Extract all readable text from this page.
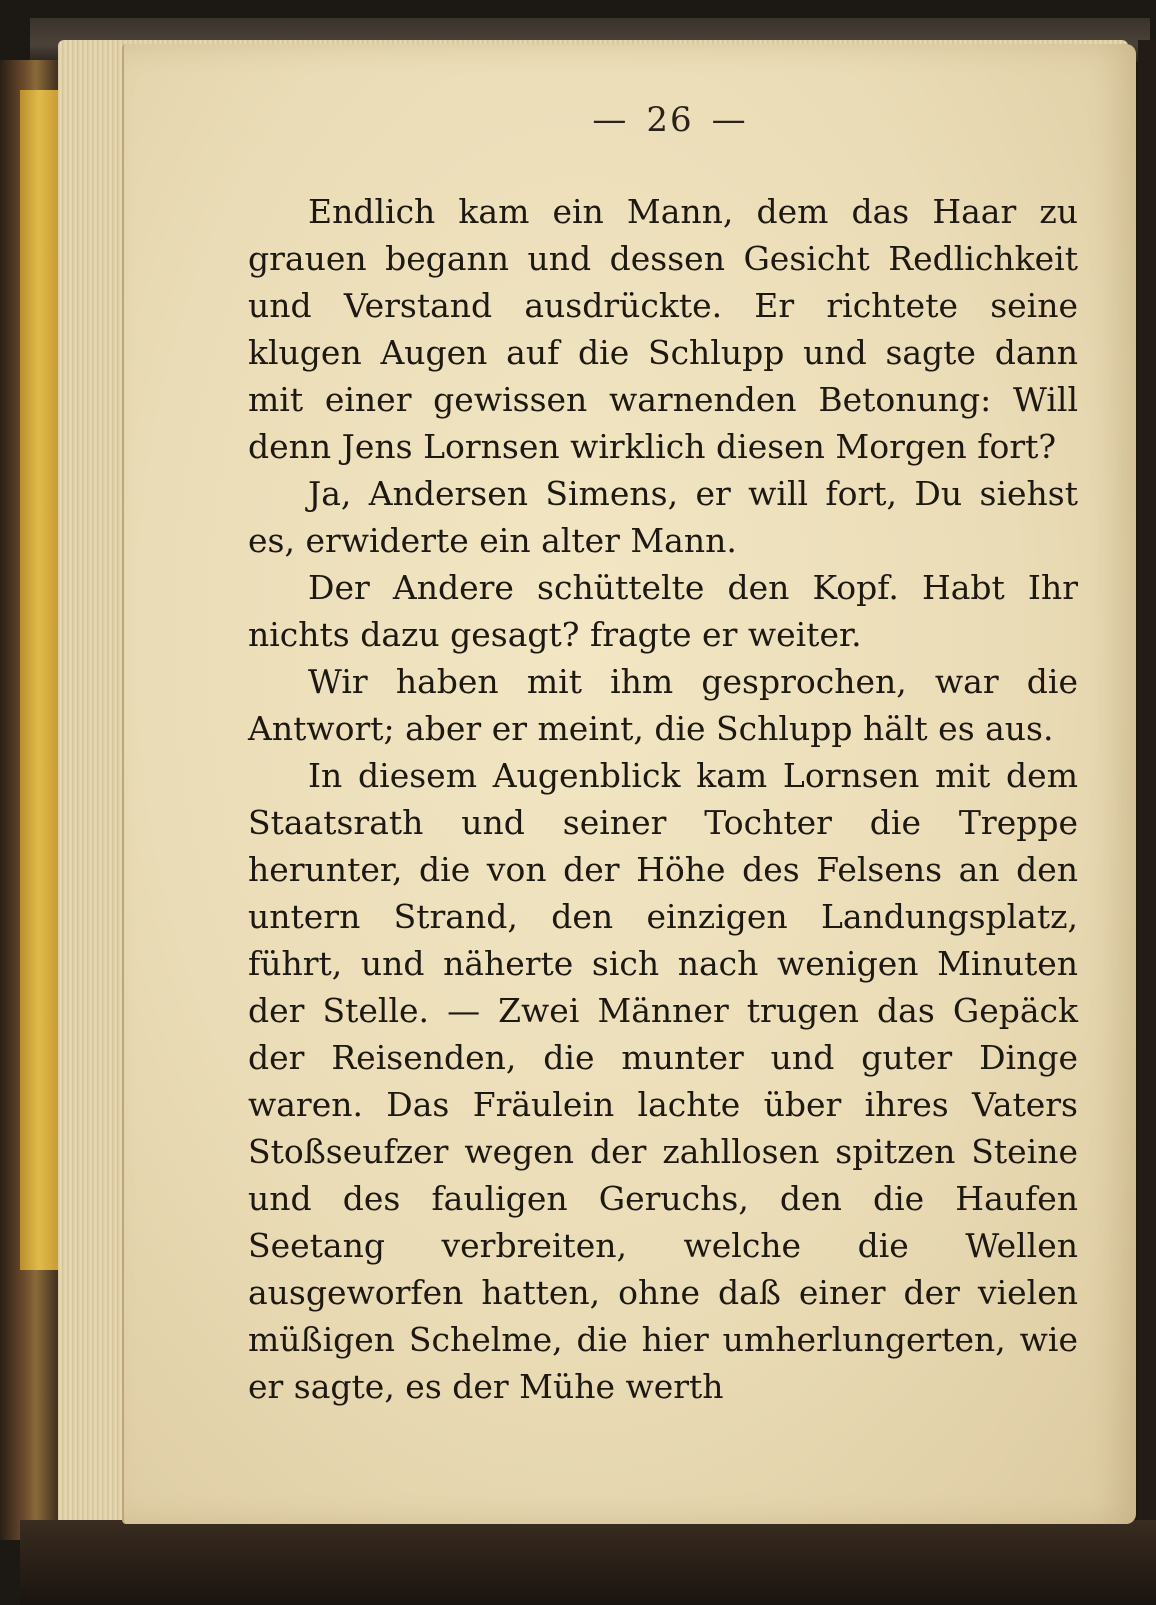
— 26 —

Endlich kam ein Mann, dem das Haar zu grauen begann und dessen Gesicht Redlichkeit und Verstand ausdrückte. Er richtete seine klugen Augen auf die Schlupp und sagte dann mit einer gewissen warnenden Betonung: Will denn Jens Lornsen wirklich diesen Morgen fort?

Ja, Andersen Simens, er will fort, Du siehst es, erwiderte ein alter Mann.

Der Andere schüttelte den Kopf. Habt Ihr nichts dazu gesagt? fragte er weiter.

Wir haben mit ihm gesprochen, war die Antwort; aber er meint, die Schlupp hält es aus.

In diesem Augenblick kam Lornsen mit dem Staatsrath und seiner Tochter die Treppe herunter, die von der Höhe des Felsens an den untern Strand, den einzigen Landungsplatz, führt, und näherte sich nach wenigen Minuten der Stelle. — Zwei Männer trugen das Gepäck der Reisenden, die munter und guter Dinge waren. Das Fräulein lachte über ihres Vaters Stoßseufzer wegen der zahllosen spitzen Steine und des fauligen Geruchs, den die Haufen Seetang verbreiten, welche die Wellen ausgeworfen hatten, ohne daß einer der vielen müßigen Schelme, die hier umherlungerten, wie er sagte, es der Mühe werth
